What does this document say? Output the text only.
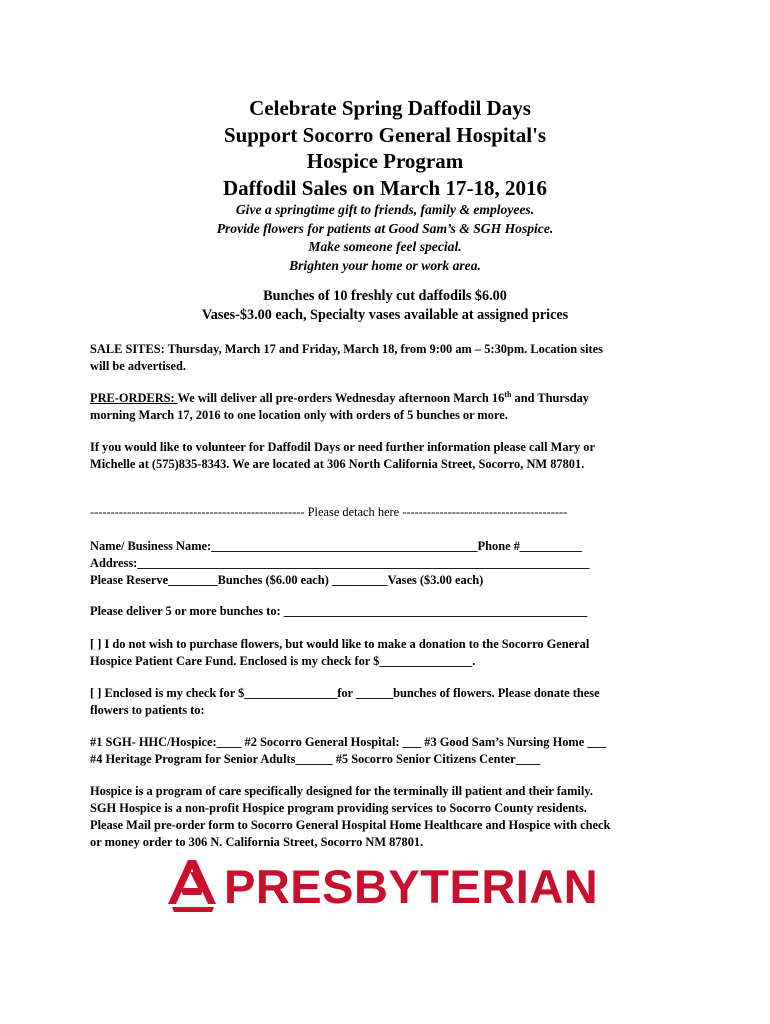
Celebrate Spring Daffodil Days
Support Socorro General Hospital's
Hospice Program
Daffodil Sales on March 17-18, 2016
Give a springtime gift to friends, family & employees.
Provide flowers for patients at Good Sam’s & SGH Hospice.
Make someone feel special.
Brighten your home or work area.
Bunches of 10 freshly cut daffodils $6.00
Vases-$3.00 each, Specialty vases available at assigned prices
SALE SITES: Thursday, March 17 and Friday, March 18, from 9:00 am – 5:30pm. Location sites
will be advertised.
PRE-ORDERS: We will deliver all pre-orders Wednesday afternoon March 16th and Thursday
morning March 17, 2016 to one location only with orders of 5 bunches or more.
If you would like to volunteer for Daffodil Days or need further information please call Mary or
Michelle at (575)835-8343. We are located at 306 North California Street, Socorro, NM 87801.
---------------------------------------------------- Please detach here ----------------------------------------
Name/ Business Name:___________________________________________Phone #__________
Address:_________________________________________________________________________
Please Reserve________Bunches ($6.00 each) _________Vases ($3.00 each)
Please deliver 5 or more bunches to: _________________________________________________
[ ] I do not wish to purchase flowers, but would like to make a donation to the Socorro General
Hospice Patient Care Fund. Enclosed is my check for $_______________.
[ ] Enclosed is my check for $_______________for ______bunches of flowers. Please donate these
flowers to patients to:
#1 SGH- HHC/Hospice:____ #2 Socorro General Hospital: ___ #3 Good Sam’s Nursing Home ___
#4 Heritage Program for Senior Adults______ #5 Socorro Senior Citizens Center____
Hospice is a program of care specifically designed for the terminally ill patient and their family.
SGH Hospice is a non-profit Hospice program providing services to Socorro County residents.
Please Mail pre-order form to Socorro General Hospital Home Healthcare and Hospice with check
or money order to 306 N. California Street, Socorro NM 87801.
PRESBYTERIAN
